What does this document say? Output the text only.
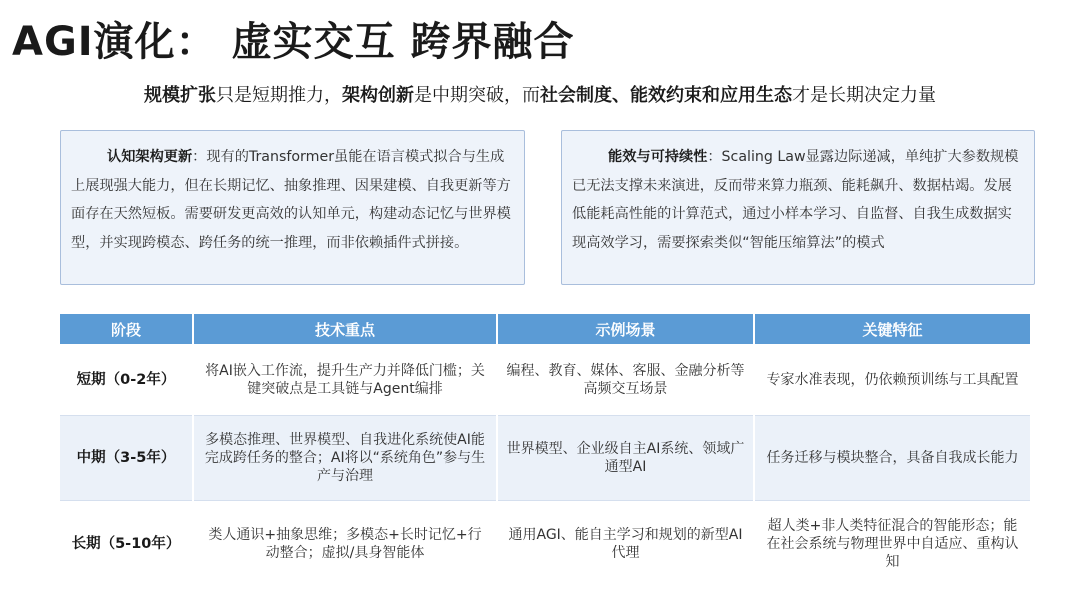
AGI演化： 虚实交互 跨界融合
规模扩张只是短期推力，架构创新是中期突破，而社会制度、能效约束和应用生态才是长期决定力量
认知架构更新：现有的Transformer虽能在语言模式拟合与生成上展现强大能力，但在长期记忆、抽象推理、因果建模、自我更新等方面存在天然短板。需要研发更高效的认知单元，构建动态记忆与世界模型，并实现跨模态、跨任务的统一推理，而非依赖插件式拼接。
能效与可持续性：Scaling Law显露边际递减，单纯扩大参数规模已无法支撑未来演进，反而带来算力瓶颈、能耗飙升、数据枯竭。发展低能耗高性能的计算范式，通过小样本学习、自监督、自我生成数据实现高效学习，需要探索类似“智能压缩算法”的模式
阶段	技术重点	示例场景	关键特征
短期（0-2年）	将AI嵌入工作流，提升生产力并降低门槛；关键突破点是工具链与Agent编排	编程、教育、媒体、客服、金融分析等高频交互场景	专家水准表现，仍依赖预训练与工具配置
中期（3-5年）	多模态推理、世界模型、自我进化系统使AI能完成跨任务的整合；AI将以“系统角色”参与生产与治理	世界模型、企业级自主AI系统、领域广通型AI	任务迁移与模块整合，具备自我成长能力
长期（5-10年）	类人通识+抽象思维；多模态+长时记忆+行动整合；虚拟/具身智能体	通用AGI、能自主学习和规划的新型AI代理	超人类+非人类特征混合的智能形态；能在社会系统与物理世界中自适应、重构认知
